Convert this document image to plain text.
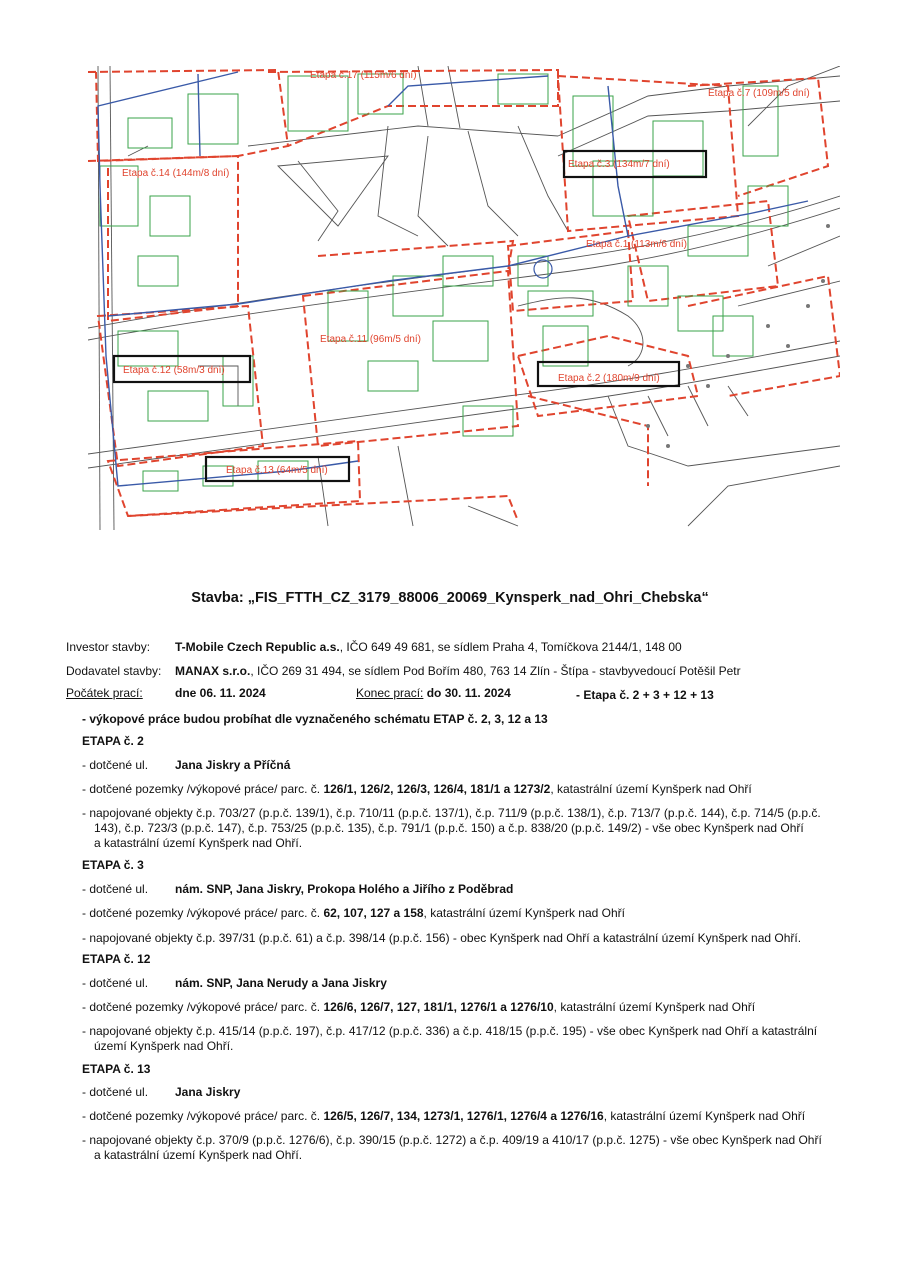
Etapa č.17 (115m/6 dní)
Etapa č.7 (109m/5 dní)
Etapa č.14 (144m/8 dní)
Etapa č.3 (134m/7 dní)
Etapa č.1 (113m/6 dní)
Etapa č.11 (96m/5 dní)
Etapa č.12 (58m/3 dní)
Etapa č.2 (180m/9 dní)
Etapa č.13 (64m/5 dní)
Stavba: „FIS_FTTH_CZ_3179_88006_20069_Kynsperk_nad_Ohri_Chebska“
Investor stavby: T-Mobile Czech Republic a.s., IČO 649 49 681, se sídlem Praha 4, Tomíčkova 2144/1, 148 00
Dodavatel stavby: MANAX s.r.o., IČO 269 31 494, se sídlem Pod Bořím 480, 763 14 Zlín - Štípa - stavbyvedoucí Potěšil Petr
Počátek prací:	dne 06. 11. 2024	Konec prací: do 30. 11. 2024	- Etapa č. 2 + 3 + 12 + 13
- výkopové práce budou probíhat dle vyznačeného schématu ETAP č. 2, 3, 12 a 13
ETAPA č. 2
- dotčené ul. Jana Jiskry a Příčná
- dotčené pozemky /výkopové práce/ parc. č. 126/1, 126/2, 126/3, 126/4, 181/1 a 1273/2, katastrální území Kynšperk nad Ohří
- napojované objekty č.p. 703/27 (p.p.č. 139/1), č.p. 710/11 (p.p.č. 137/1), č.p. 711/9 (p.p.č. 138/1), č.p. 713/7 (p.p.č. 144), č.p. 714/5 (p.p.č.
143), č.p. 723/3 (p.p.č. 147), č.p. 753/25 (p.p.č. 135), č.p. 791/1 (p.p.č. 150) a č.p. 838/20 (p.p.č. 149/2) - vše obec Kynšperk nad Ohří
a katastrální území Kynšperk nad Ohří.
ETAPA č. 3
- dotčené ul. nám. SNP, Jana Jiskry, Prokopa Holého a Jiřího z Poděbrad
- dotčené pozemky /výkopové práce/ parc. č. 62, 107, 127 a 158, katastrální území Kynšperk nad Ohří
- napojované objekty č.p. 397/31 (p.p.č. 61) a č.p. 398/14 (p.p.č. 156) - obec Kynšperk nad Ohří a katastrální území Kynšperk nad Ohří.
ETAPA č. 12
- dotčené ul. nám. SNP, Jana Nerudy a Jana Jiskry
- dotčené pozemky /výkopové práce/ parc. č. 126/6, 126/7, 127, 181/1, 1276/1 a 1276/10, katastrální území Kynšperk nad Ohří
- napojované objekty č.p. 415/14 (p.p.č. 197), č.p. 417/12 (p.p.č. 336) a č.p. 418/15 (p.p.č. 195) - vše obec Kynšperk nad Ohří a katastrální
území Kynšperk nad Ohří.
ETAPA č. 13
- dotčené ul. Jana Jiskry
- dotčené pozemky /výkopové práce/ parc. č. 126/5, 126/7, 134, 1273/1, 1276/1, 1276/4 a 1276/16, katastrální území Kynšperk nad Ohří
- napojované objekty č.p. 370/9 (p.p.č. 1276/6), č.p. 390/15 (p.p.č. 1272) a č.p. 409/19 a 410/17 (p.p.č. 1275) - vše obec Kynšperk nad Ohří
a katastrální území Kynšperk nad Ohří.
